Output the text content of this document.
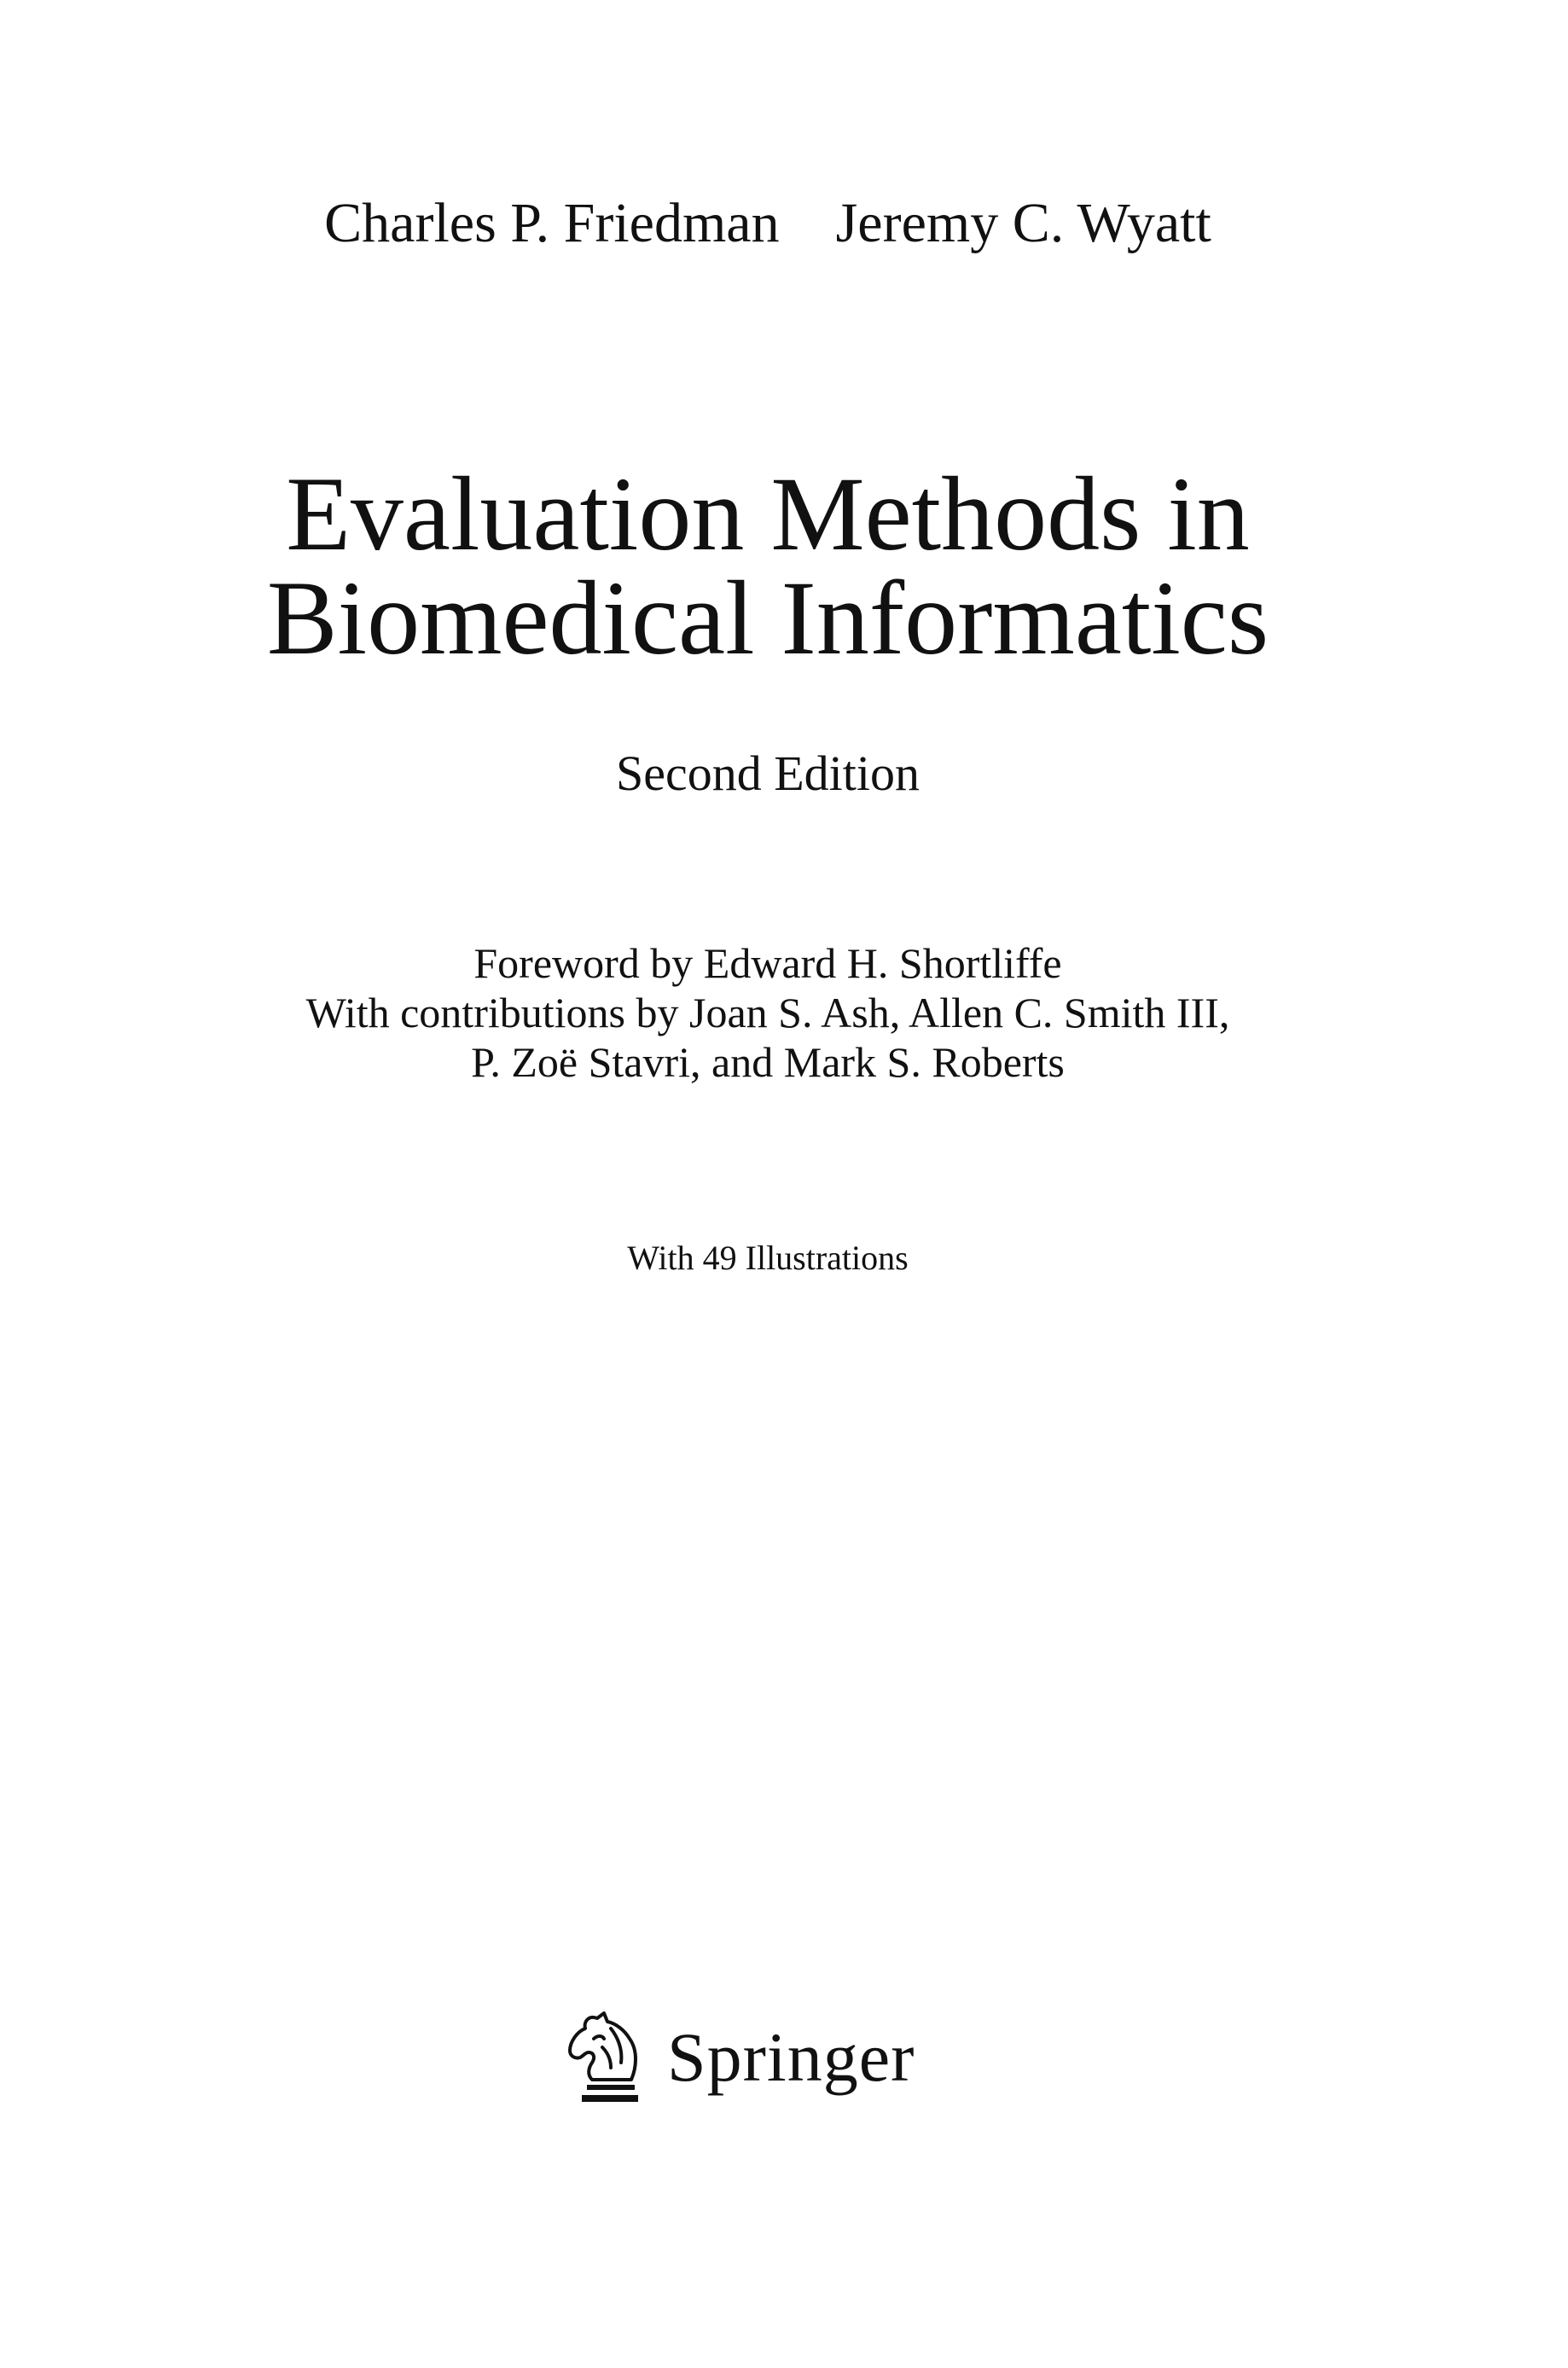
Charles P. Friedman Jeremy C. Wyatt
Evaluation Methods in
Biomedical Informatics
Second Edition
Foreword by Edward H. Shortliffe
With contributions by Joan S. Ash, Allen C. Smith III,
P. Zoë Stavri, and Mark S. Roberts
With 49 Illustrations
Springer
